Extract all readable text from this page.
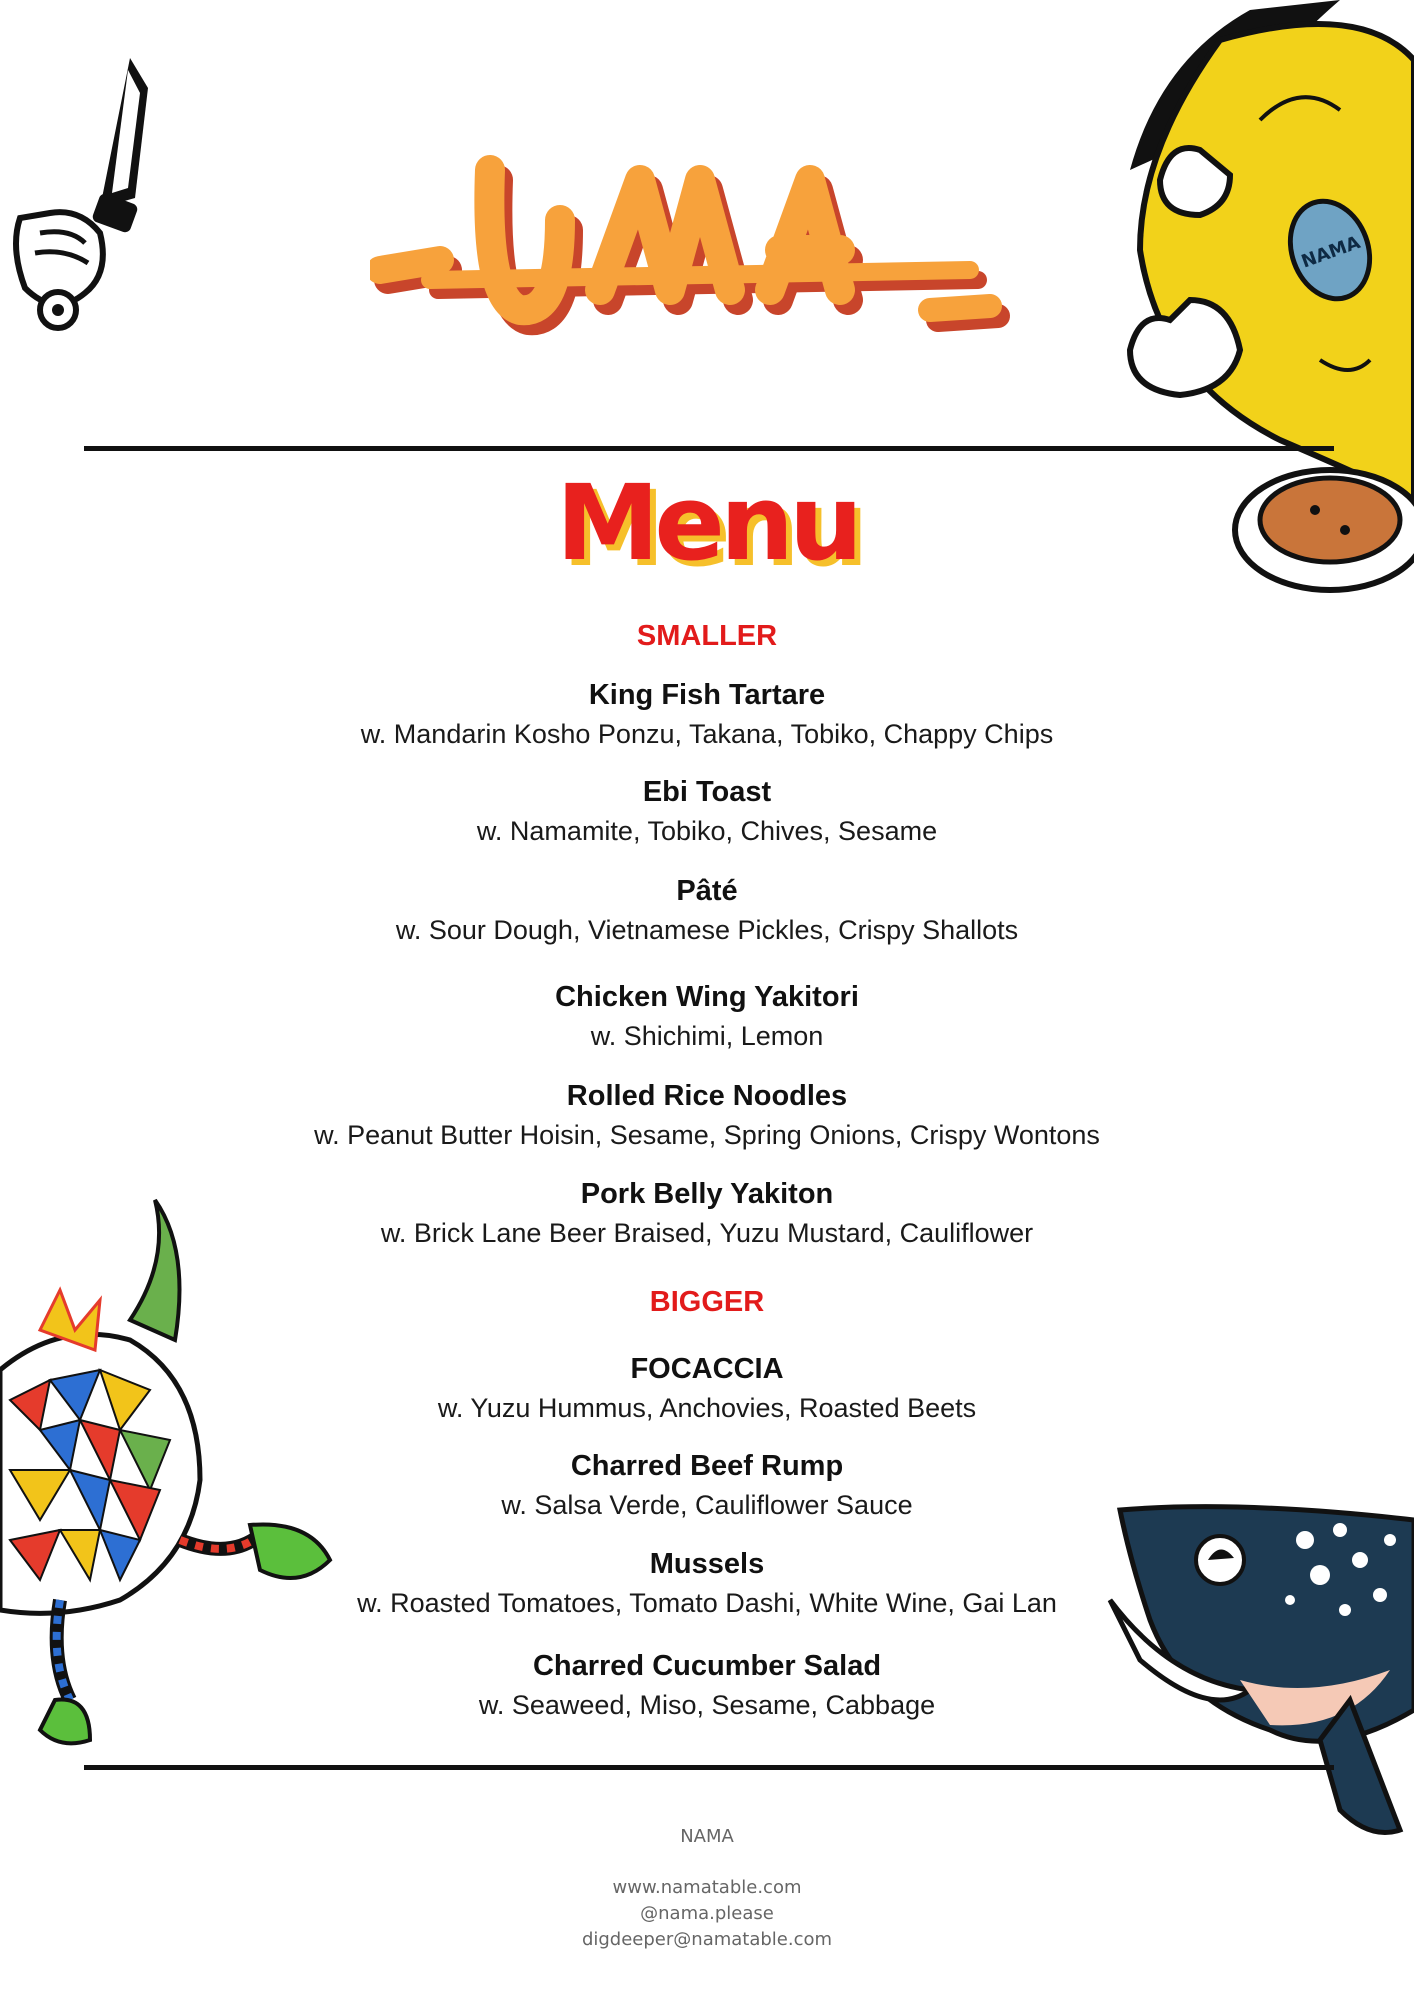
NAMA
Menu
SMALLER
King Fish Tartare
w. Mandarin Kosho Ponzu, Takana, Tobiko, Chappy Chips
Ebi Toast
w. Namamite, Tobiko, Chives, Sesame
Pâté
w. Sour Dough, Vietnamese Pickles, Crispy Shallots
Chicken Wing Yakitori
w. Shichimi, Lemon
Rolled Rice Noodles
w. Peanut Butter Hoisin, Sesame, Spring Onions, Crispy Wontons
Pork Belly Yakiton
w. Brick Lane Beer Braised, Yuzu Mustard, Cauliflower
BIGGER
FOCACCIA
w. Yuzu Hummus, Anchovies, Roasted Beets
Charred Beef Rump
w. Salsa Verde, Cauliflower Sauce
Mussels
w. Roasted Tomatoes, Tomato Dashi, White Wine, Gai Lan
Charred Cucumber Salad
w. Seaweed, Miso, Sesame, Cabbage
NAMA
www.namatable.com
@nama.please
digdeeper@namatable.com
